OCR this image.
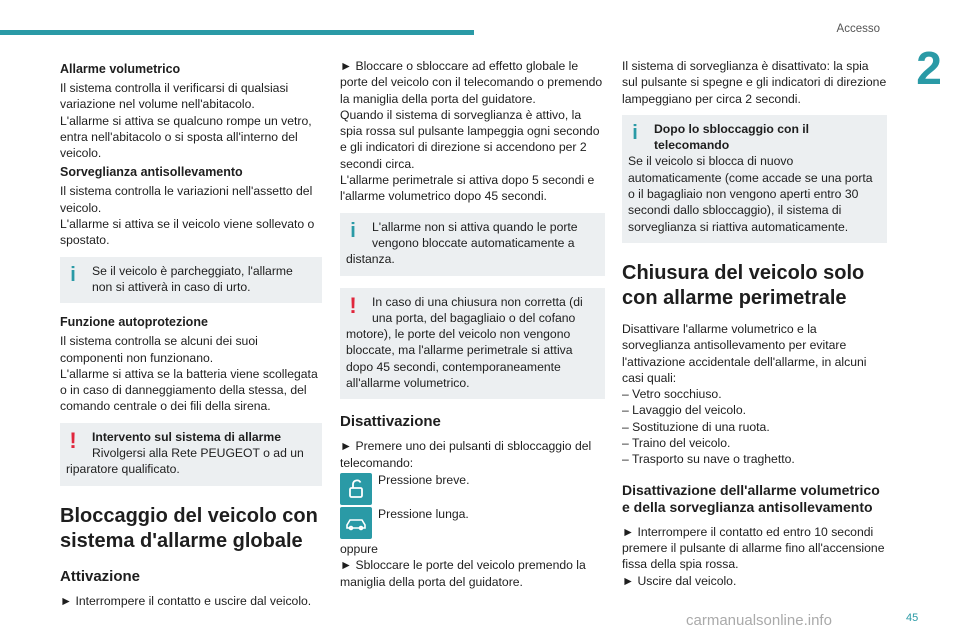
Accesso
2
Allarme volumetrico
Il sistema controlla il verificarsi di qualsiasi variazione nel volume nell'abitacolo.
L'allarme si attiva se qualcuno rompe un vetro, entra nell'abitacolo o si sposta all'interno del veicolo.
Sorveglianza antisollevamento
Il sistema controlla le variazioni nell'assetto del veicolo.
L'allarme si attiva se il veicolo viene sollevato o spostato.
i	Se il veicolo è parcheggiato, l'allarme non si attiverà in caso di urto.
Funzione autoprotezione
Il sistema controlla se alcuni dei suoi componenti non funzionano.
L'allarme si attiva se la batteria viene scollegata o in caso di danneggiamento della stessa, del comando centrale o dei fili della sirena.
!	Intervento sul sistema di allarme
Rivolgersi alla Rete PEUGEOT o ad un
riparatore qualificato.
Bloccaggio del veicolo con sistema d'allarme globale
Attivazione
► Interrompere il contatto e uscire dal veicolo.
► Bloccare o sbloccare ad effetto globale le porte del veicolo con il telecomando o premendo la maniglia della porta del guidatore.
Quando il sistema di sorveglianza è attivo, la spia rossa sul pulsante lampeggia ogni secondo e gli indicatori di direzione si accendono per 2 secondi circa.
L'allarme perimetrale si attiva dopo 5 secondi e l'allarme volumetrico dopo 45 secondi.
i	L'allarme non si attiva quando le porte
vengono bloccate automaticamente a
distanza.
!	In caso di una chiusura non corretta (di
una porta, del bagagliaio o del cofano
motore), le porte del veicolo non vengono bloccate, ma l'allarme perimetrale si attiva dopo 45 secondi, contemporaneamente all'allarme volumetrico.
Disattivazione
► Premere uno dei pulsanti di sbloccaggio del telecomando:
Pressione breve.
Pressione lunga.
oppure
► Sbloccare le porte del veicolo premendo la maniglia della porta del guidatore.
Il sistema di sorveglianza è disattivato: la spia sul pulsante si spegne e gli indicatori di direzione lampeggiano per circa 2 secondi.
i	Dopo lo sbloccaggio con il
telecomando
Se il veicolo si blocca di nuovo automaticamente (come accade se una porta o il bagagliaio non vengono aperti entro 30 secondi dallo sbloccaggio), il sistema di sorveglianza si riattiva automaticamente.
Chiusura del veicolo solo con allarme perimetrale
Disattivare l'allarme volumetrico e la sorveglianza antisollevamento per evitare l'attivazione accidentale dell'allarme, in alcuni casi quali:
– Vetro socchiuso.
– Lavaggio del veicolo.
– Sostituzione di una ruota.
– Traino del veicolo.
– Trasporto su nave o traghetto.
Disattivazione dell'allarme volumetrico e della sorveglianza antisollevamento
► Interrompere il contatto ed entro 10 secondi premere il pulsante di allarme fino all'accensione fissa della spia rossa.
► Uscire dal veicolo.
carmanualsonline.info	45
